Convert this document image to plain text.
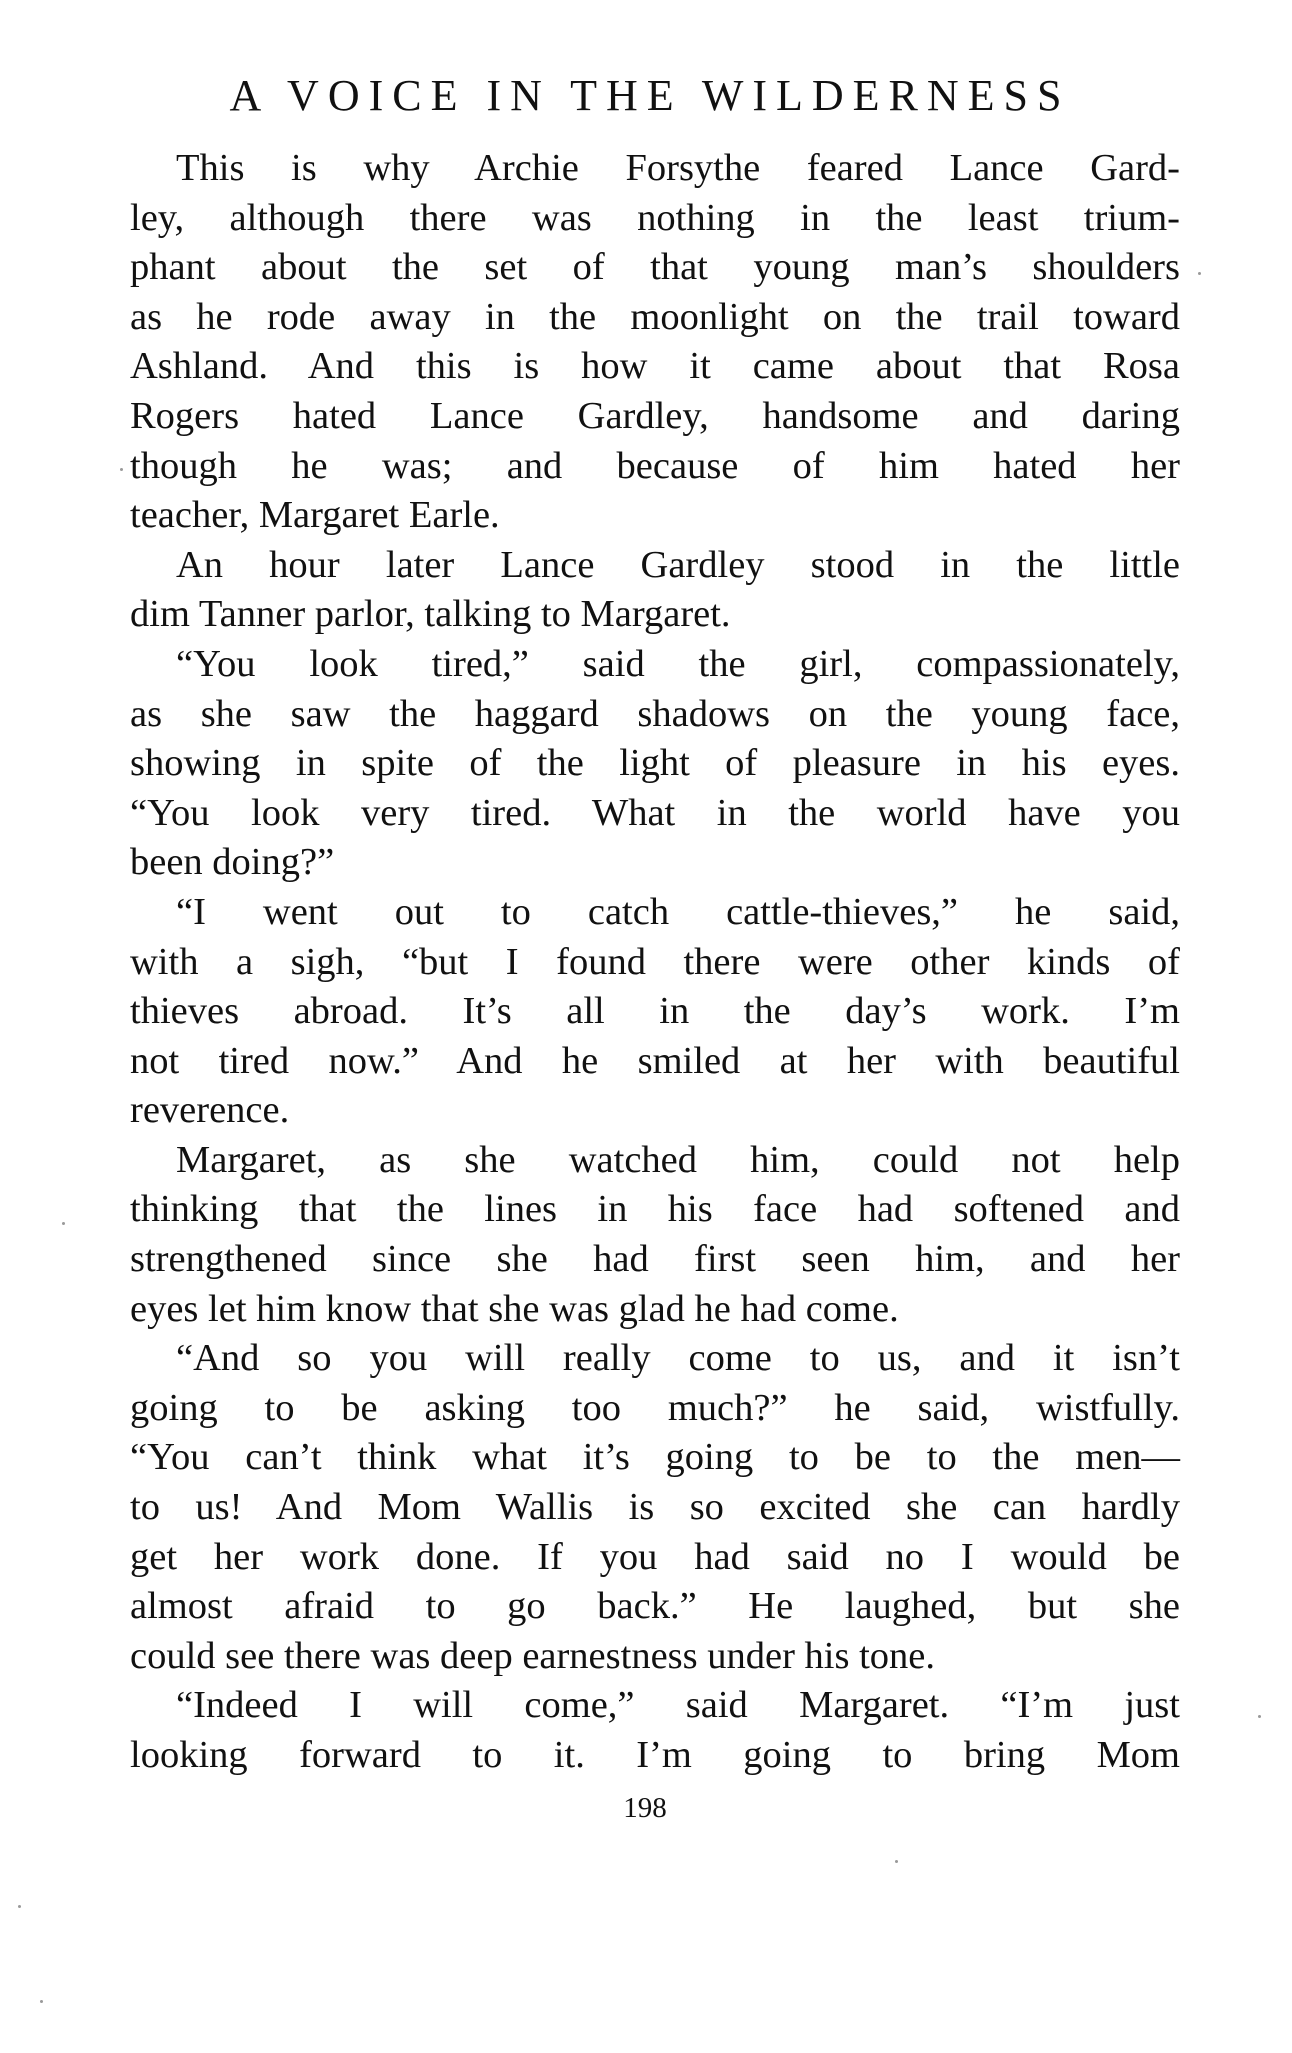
A VOICE IN THE WILDERNESS

This is why Archie Forsythe feared Lance Gard-
ley, although there was nothing in the least trium-
phant about the set of that young man’s shoulders
as he rode away in the moonlight on the trail toward
Ashland. And this is how it came about that Rosa
Rogers hated Lance Gardley, handsome and daring
though he was; and because of him hated her
teacher, Margaret Earle.

An hour later Lance Gardley stood in the little
dim Tanner parlor, talking to Margaret.

“You look tired,” said the girl, compassionately,
as she saw the haggard shadows on the young face,
showing in spite of the light of pleasure in his eyes.
“You look very tired. What in the world have you
been doing?”

“I went out to catch cattle-thieves,” he said,
with a sigh, “but I found there were other kinds of
thieves abroad. It’s all in the day’s work. I’m
not tired now.” And he smiled at her with beautiful
reverence.

Margaret, as she watched him, could not help
thinking that the lines in his face had softened and
strengthened since she had first seen him, and her
eyes let him know that she was glad he had come.

“And so you will really come to us, and it isn’t
going to be asking too much?” he said, wistfully.
“You can’t think what it’s going to be to the men—
to us! And Mom Wallis is so excited she can hardly
get her work done. If you had said no I would be
almost afraid to go back.” He laughed, but she
could see there was deep earnestness under his tone.

“Indeed I will come,” said Margaret. “I’m just
looking forward to it. I’m going to bring Mom

198
